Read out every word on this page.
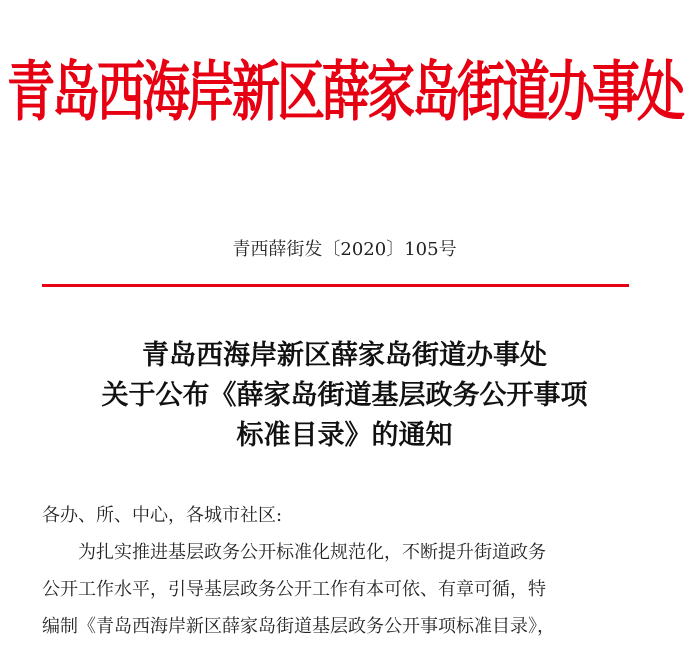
青岛西海岸新区薛家岛街道办事处
青西薛街发〔2020〕105号
青岛西海岸新区薛家岛街道办事处
关于公布《薛家岛街道基层政务公开事项
标准目录》的通知
各办、所、中心，各城市社区:
为扎实推进基层政务公开标准化规范化，不断提升街道政务
公开工作水平，引导基层政务公开工作有本可依、有章可循，特
编制《青岛西海岸新区薛家岛街道基层政务公开事项标准目录》，
